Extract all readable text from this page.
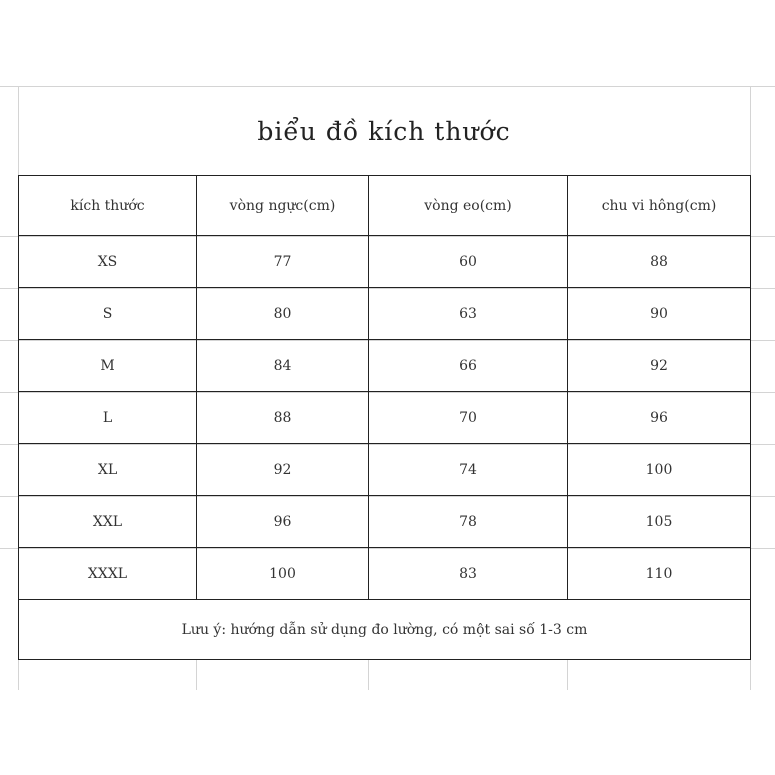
biểu đồ kích thước
kích thước	vòng ngực(cm)	vòng eo(cm)	chu vi hông(cm)
XS	77	60	88
S	80	63	90
M	84	66	92
L	88	70	96
XL	92	74	100
XXL	96	78	105
XXXL	100	83	110
Lưu ý: hướng dẫn sử dụng đo lường, có một sai số 1-3 cm			
